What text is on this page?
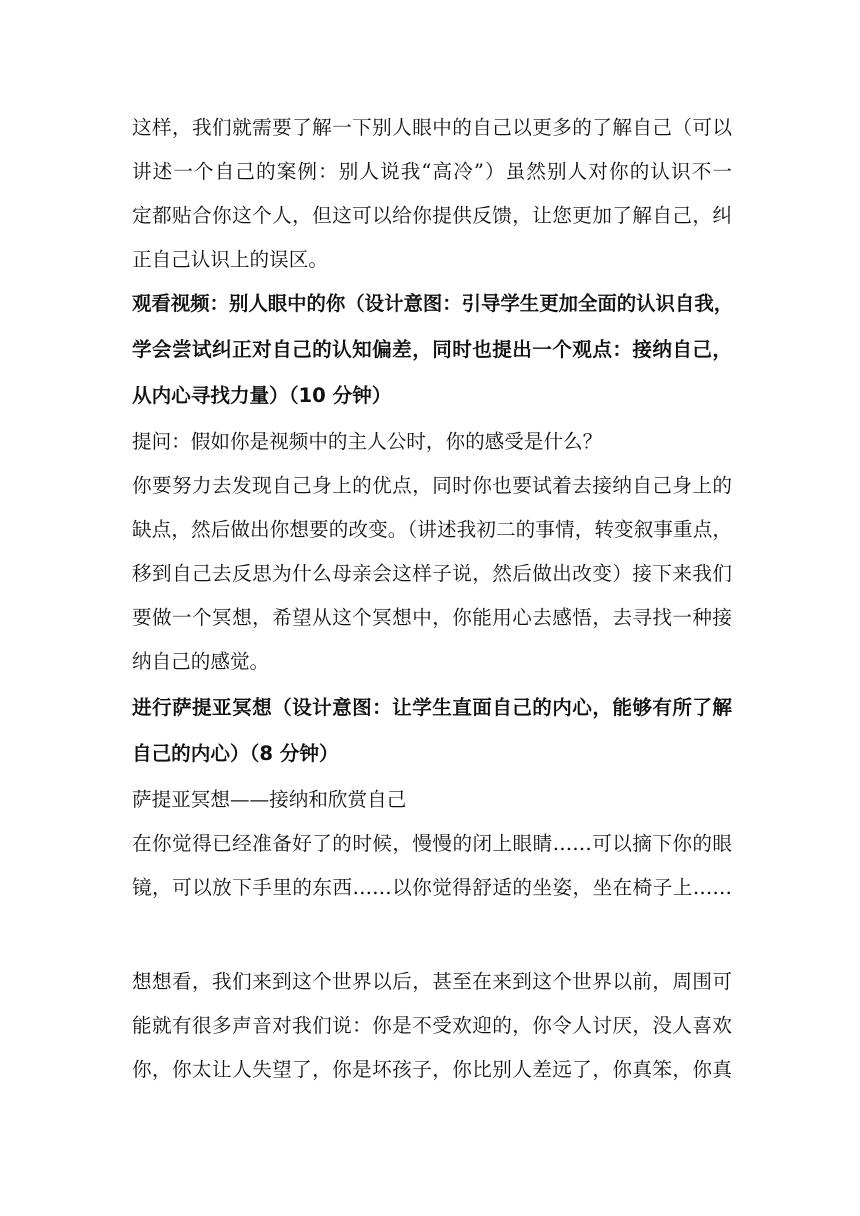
这样，我们就需要了解一下别人眼中的自己以更多的了解自己（可以
讲述一个自己的案例：别人说我“高冷”）虽然别人对你的认识不一
定都贴合你这个人，但这可以给你提供反馈，让您更加了解自己，纠
正自己认识上的误区。
观看视频：别人眼中的你（设计意图：引导学生更加全面的认识自我，
学会尝试纠正对自己的认知偏差，同时也提出一个观点：接纳自己，
从内心寻找力量）（10 分钟）
提问：假如你是视频中的主人公时，你的感受是什么？
你要努力去发现自己身上的优点，同时你也要试着去接纳自己身上的
缺点，然后做出你想要的改变。（讲述我初二的事情，转变叙事重点，
移到自己去反思为什么母亲会这样子说，然后做出改变）接下来我们
要做一个冥想，希望从这个冥想中，你能用心去感悟，去寻找一种接
纳自己的感觉。
进行萨提亚冥想（设计意图：让学生直面自己的内心，能够有所了解
自己的内心）（8 分钟）
萨提亚冥想——接纳和欣赏自己
在你觉得已经准备好了的时候，慢慢的闭上眼睛……可以摘下你的眼
镜，可以放下手里的东西……以你觉得舒适的坐姿，坐在椅子上……
想想看，我们来到这个世界以后，甚至在来到这个世界以前，周围可
能就有很多声音对我们说：你是不受欢迎的，你令人讨厌，没人喜欢
你，你太让人失望了，你是坏孩子，你比别人差远了，你真笨，你真
